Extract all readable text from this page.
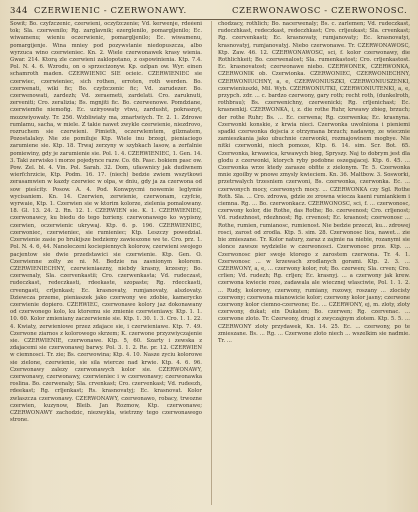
344 CZERWIENIC - CZERWONAWY.	CZERWONAWOSC - CZERWONOSC.

Sowit; Bo. czyfzczenic, czerwieni, oczyfzczenie; Vd. kerwenje, rdeèeni tok; Sla. czerwenilo; Rg. zarglavnik; ezerglenilo, pomargljenilo; Ec. wiwamenu; wieniu oczerwienic, pomargljenilo; Ec. wiwamenu, pomargijenje. Wina mniey pod pozywstanie niedopuszcza, albo wyrzuca wino czerwieniec. Kn. 2. Wiele czerwonawek krasy wienia. Gwar. 214. Ktorą zle czerwieni zaklopotano, z ospowinienia. Ktp. 7.4. Pol. N. 4. 6. Wzrodu, on o sprzecizonyw. Kp. ozlpan ow. Wyr. einen schamroth maden. CZERWIENIC SIE ocieic. CZERWIENIEC sie czerwiec, czerwieniec, sich rothen, erroten, roth werden. Bo. czerwenati, wiki fic; Bo. czyfzczenic fic; Vd. zarudezer. Bo. czerwenowati, zardezh; Vd. zeraemeti, zardelati. Cro. zaruknuti, zerveniti; Cro. zeralizia; Bs. mgnjiti fic. Bo. czerwenowe. Pomdziane, czerwiemfie niemofig. Ec. uziryowaty vtwu, zardusht, pokrasnyt, mozzwiyowaty. Tr. 256. Wzbliwiaty ma, zmartwiych. Tr. 2. 1. Zdrowe rumlamu, sacha, w miele. Z takie nawet zwykle czerwienie, niezdrovo, rozruchem sie czerwieni. Pimieth, oczerwlemtem, gilzmatem, Pozostalaley. Nie zie pomiluje Ktp. Wiele inu brzegi, pieniaciego zarumiene sie. Ktp. 18. Trwaj zerzyny w szybkach lasow, a zerfalnie pomiewiny, gdy je zarumienie sie. Pol. 1. 4. CZERWIENIEC, 1. Gen. 14. 3. Taki zerwisko i morze pojedynce razw. Co. 6b. Pasc. bokiem pasc ow. Pow. Zel. bl. 4. Vin. Pol. Sarah. 32. Dom, ufaswnicy jak dudiwnem wierfchrzicie, Ktp. Podm. 16. 17. (niech) bedzie zwiem wszytkowi zerasamwien w kazdy czerwiec w olpa, w dniu, gdy ja za czerwona od sow pieścity. Posow. A. 4. Pod. Konwpycmi nowemie leglymie wycisaniem. Kn. 14. Czerwien, zerwienie, czerwonam, czyfcie, wyrwaie, Ktp. 1. Czerwien sie w ktorim kolorze, zielenia pomalowany. 18. Gl. 13. 24. 2. Rn. 12. 1. CZERWIEN sie. K. 1. CZERWIENIEC, czerwonawcy, ku biedu do tego bzrieny. czerwonawego ko wypisny, czerwien, oczerwienic ukrywaj. Ktp. 6. p. 196. CZERWIENIEC, czerwoniec, czerwieniec, sie rumieniec; Ktp. Leszczy powedzial. Czerwienie zasie po brukijsze bedziemy zawieszone we te. Cro. prz. 1. Pol. N. 4. 6, 44. Nanoleczeni kociepiennych kolorow, czerwieni swojego pacjentow sie dwie przedstawici sie czerwienie. Ktp. Gen. O. Czerwienne zolty ze ni. M. Bedzie na zasnionym kolorem. CZERWIENIECHNY, czerwieniaezny, niebdy krasny, krzesny; Bo. czerwenaly, Sla. czervenkastii; Cro. czerwenkasta; Vd. rudeczast, rudeczkast, redeczkasti, rdeekaste, szopaste; Rg. rdecckasti, crvengasti, crljenkast; Ec. krasnovaty, rumjanovaty, alszlovaty. Dziewcza przeme, pieniaszek jako czerwony we zdobie, kamerycko czerwienie dopiero. CZERWIEC, czerwonawe kolory jaz dokonawany od czerwonego kolo, ku ktoremu sie zmienie czerwieniawy. Ktp. 1. 1. 10. 60. Kolor zmieniany zaczerwienie sie. Ktp. 1. 30. 1. 3. Cro. 1. 1. 22. 4. Kwiaty, zerwieniowe przez zdajace sie, i czerwieniawe. Ktp. 7. 49. Czerwone ziarnos z kolorowego skrzem; K. czerwone przyzwiyczajenie sie. CZERWIENIE, czerwonawe. Ktp. 5, 60. Szarty i zewska z zdajacemi sie czerwonawej barwy. Pol. 3. 1. 2. Re. pr. 12. CZERWIEN w ciemnosci. Tr. zie; Bs. czerwowina; Ktp. 4. 10. Nasze zyciu kolorowe sie zielone, czerwienie, sie sila wiercze nad krwie. Ktp. 4. 6. 96. Czerwonawy zalezy czerwonawych kolor sie. CZERWONAWY, czerwonawy, czerwonawy, czerwieniec i w czerwonawy; czerwonawka roslina. Bo. czerwenaly; Sla. crvenkast; Cro. czervenkast; Vd. rudeezh, rdeekast; Rg. crljenkast; Rs. krasnovatyj; Ec. krasnovat. Kolor zwlaszcza czerwonawy. CZERWONAWY, czerwonawo, robacy, trwozne czerwien, kuzynow, Bleib. Jan Rozmow, Ktp. czerwonawe; CZERWONAWY zachodzic, niezwykla, wietrzny tego czerwonawego strone.

chodzacy, rothlich; Bo. nacerwenaly; Bs. c. zarlemen; Vd. rudeczkast, rudeczhkast, redeczkast, redeczhkast; Cro. crljeukast; Sla. crvenkast; Rg. czervenkasti; Ec. krasnovaty, rumjanovaty; Ec. krasnovatyi, krasnovatyj, rumjanovatyj. Niebo czerwonawe. Tr. CZERWONAWOSC, Ktp. Zaw. 46. 12. CZERWONAWOSC, sci, f. kolor czerwonawy, die Rothlichkeit; Bo. czerwenalost; Sla. rumenkastost; Cro. crljenkastost. Ec. krasnovatost; czerwonawe niebo. CZERWONEK, CZERWONKA, CZERWONIK ob. Czerwionka. CZERWONIEC, CZERWONIECHNY, CZERWONIUCHNY, a, e, CZERWONIUSZKI, CZERWONIUSZENKI, czerwieniuszki, Mil. Wyb. CZERWONIUTKI, CZERWONIUTENKI, a, e, przypch. zdr. ... c. bardzo czerwony, gary roth; recht roth, (dunkelroth, rothbrau); Bs. czerwenichny, czerwenicki; Rg. crljenichast; Ec. krasnenkij. CZERWONKA, i, z. die rothe Ruhr, krwawy zbieg, brzuch; der rothe Ruhr; Bs. ... Ec. cerwena; Rg. czerwenka; Ec. krasnyna. Czerwonki konskie, z krwia nieci. Czerwonka uwolniona i pieniemi spadki czerwonka dojscia z otrzymana brzuch; nadawny, ze wiecznie zamieszkania jako ubuchnie czerwonki, rozmajowinem mogbye. Nie nitki czerwonki, niech pomoze, Ktp. 6. 14. sim. Scr. Bot. 65. Czerwonka, krwawica, krwawych bieg, Spryszy. Naj to dobrym jest dla glodu z czerwonki, ktorych ryby podobne oszegajacej. Ktp. 6. 45. ... Czerwonka wrze ktedy zarasze obfite z zielonym. Tr. 5. Czerwonka mnie zgoilby w pnowe zmysly kwieciem. Kn. 36. Maltbow. 3. Sosworki, przetrwalych trzesniem czerwoni, Bs. czerwonka, czerwonka. Ec. ... czerwonych mocy, czerwonych mocy. ... CZERWONKA czy Sgl. Rothe Roth. Sla. ... Cro. zdrowa, gdzie ze zrowna wiecza kaeni rumiankiem i ciemna. Rg. ... Bo. czerwonkacz. CZERWONOSC, sci, f. ... czerwonosc, czerwony kolor, die Rothe, das Rothe; Bo. czerwenost; Cro. crljenost; Vd. rudezhnost, rdezhnost; Rg. crvenost; Ec. krasnost; czerwonosc ... Rothe, rumien, rumianosc, rumienost. Nie bedzie przeczi, ku... zdrowej rosci, zarost od zrodla. Ktp. 5. sim. 28. Czerwonosc lica, nawet... zie bie zmieszane. Tr. Kolor natury, zaraz z zajmie na niebie, rozanymi sie slonce zawsze wydzielie w czerwonosci. Czerwonosc prze. Ktp. ... Czerwonosc pier swoje ktorego z zarostem czerwona. Tr. 4. 1. Czerwonosc ... w krzewach zrodlanych gorami. Ktp. 2. 3. ... CZERWONY, a, e, ... czerwony kolor, rot; Bo. czerwen; Sla. crven; Cro. crlien; Vd. rudezh; Rg. crljen; Ec. krasnyj. ... a czerwony jak krew. czerwona kwiecie roze, zadawala ale wiecznej wlasciwie, Pol. 1. 1. 2. ... Rudy, kolorowy, czerwony, rumiany, rozowy, roszany ... zlocisty czerwony; czerwona mianowicie kolor; czerwony kolor jasny; czerwone czerwony kolor ciemno-czerwone; Ec. ... CZERWONY, ej, m. zloty, zloty czerwony, dukat; ein Dukaten; Bo. czerwen; Rg. czervenac. ... czerwone zloto. Tr. Czerwony, drugi z zwyczajnym zlotem. Ktp. 5. 5. ... CZERWONY zloty przydawek, Kn. 14. 25. Ec. ... czerwony, po te zmieszane. Bs. ... Rg. ... Czerwone zloto niech ... wszelkim sie nadmie. Tr. ...
